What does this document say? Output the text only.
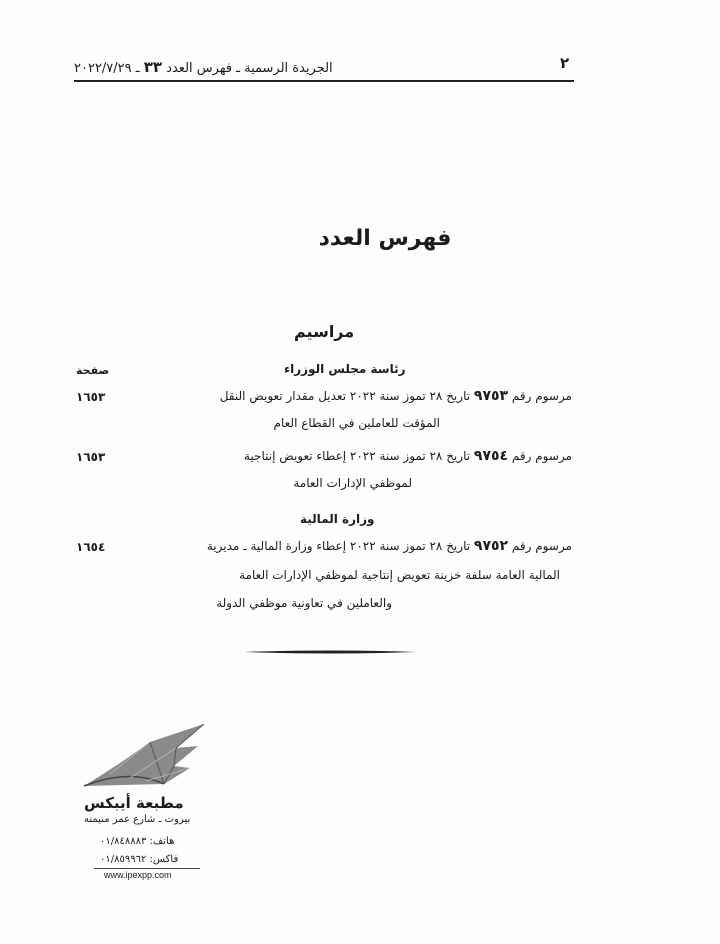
٢
الجريدة الرسمية ـ فهرس العدد ٣٣ ـ ٢٠٢٢/٧/٢٩
فهرس العدد
مراسيم
صفحة	رئاسة مجلس الوزراء
مرسوم رقم ٩٧٥٣ تاريخ ٢٨ تموز سنة ٢٠٢٢ تعديل مقدار تعويض النقل
١٦٥٣
المؤقت للعاملين في القطاع العام
مرسوم رقم ٩٧٥٤ تاريخ ٢٨ تموز سنة ٢٠٢٢ إعطاء تعويض إنتاجية
١٦٥٣
لموظفي الإدارات العامة
وزارة المالية
مرسوم رقم ٩٧٥٢ تاريخ ٢٨ تموز سنة ٢٠٢٢ إعطاء وزارة المالية ـ مديرية
١٦٥٤
المالية العامة سلفة خزينة تعويض إنتاجية لموظفي الإدارات العامة
والعاملين في تعاونية موظفي الدولة
مطبعة أيبكس
بيروت ـ شارع عمر منيمنه
هاتف: ٠١/٨٤٨٨٨٣
فاكس: ٠١/٨٥٩٩٦٢
www.ipexpp.com
